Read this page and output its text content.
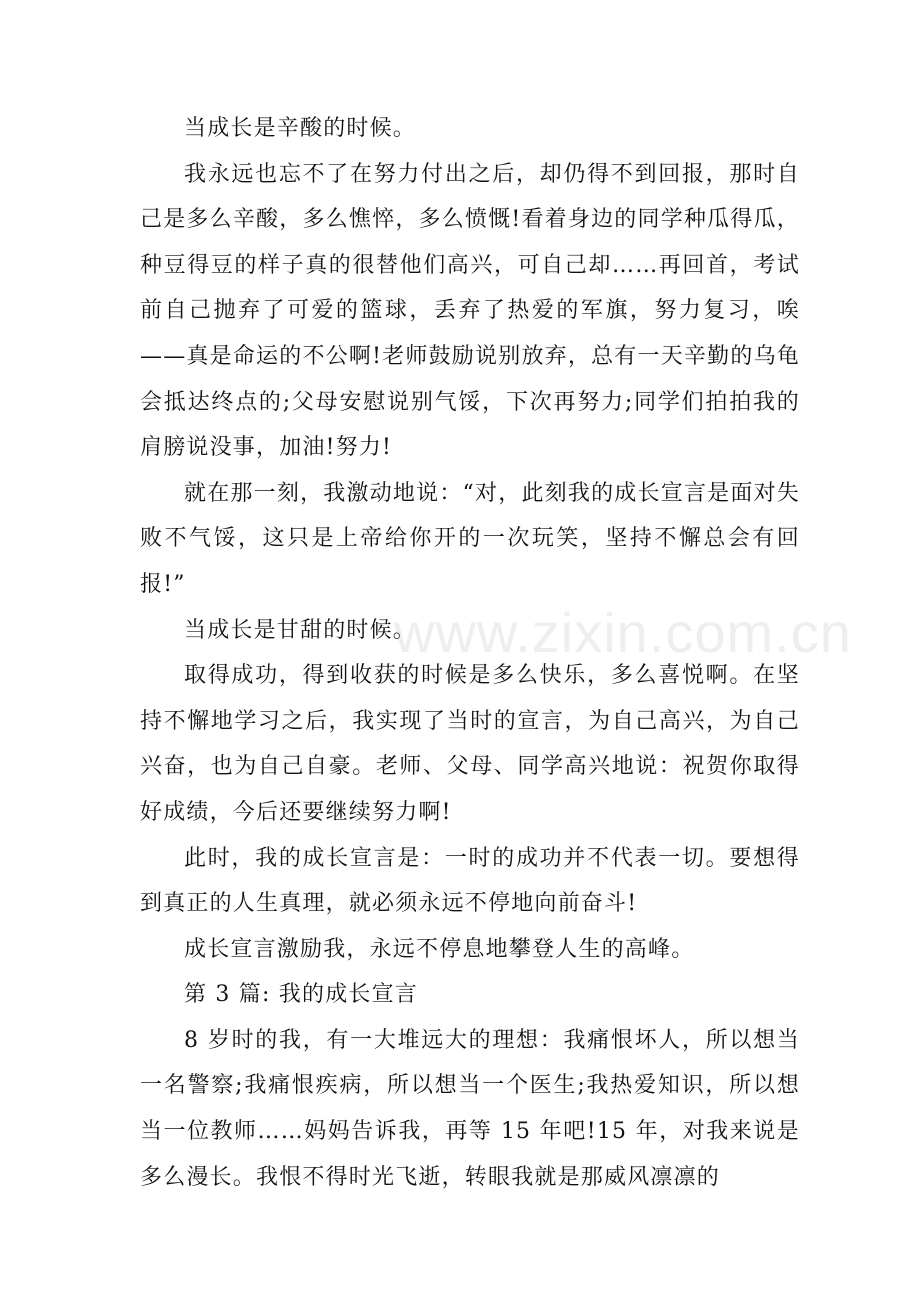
当成长是辛酸的时候。

我永远也忘不了在努力付出之后，却仍得不到回报，那时自己是多么辛酸，多么憔悴，多么愤慨!看着身边的同学种瓜得瓜，种豆得豆的样子真的很替他们高兴，可自己却……再回首，考试前自己抛弃了可爱的篮球，丢弃了热爱的军旗，努力复习，唉——真是命运的不公啊!老师鼓励说别放弃，总有一天辛勤的乌龟会抵达终点的;父母安慰说别气馁，下次再努力;同学们拍拍我的肩膀说没事，加油!努力!

就在那一刻，我激动地说：“对，此刻我的成长宣言是面对失败不气馁，这只是上帝给你开的一次玩笑，坚持不懈总会有回报!”

当成长是甘甜的时候。

取得成功，得到收获的时候是多么快乐，多么喜悦啊。在坚持不懈地学习之后，我实现了当时的宣言，为自己高兴，为自己兴奋，也为自己自豪。老师、父母、同学高兴地说：祝贺你取得好成绩，今后还要继续努力啊!

此时，我的成长宣言是：一时的成功并不代表一切。要想得到真正的人生真理，就必须永远不停地向前奋斗!

成长宣言激励我，永远不停息地攀登人生的高峰。

第 3 篇: 我的成长宣言

8 岁时的我，有一大堆远大的理想：我痛恨坏人，所以想当一名警察;我痛恨疾病，所以想当一个医生;我热爱知识，所以想当一位教师……妈妈告诉我，再等 15 年吧!15 年，对我来说是多么漫长。我恨不得时光飞逝，转眼我就是那威风凛凛的

www.zixin.com.cn
